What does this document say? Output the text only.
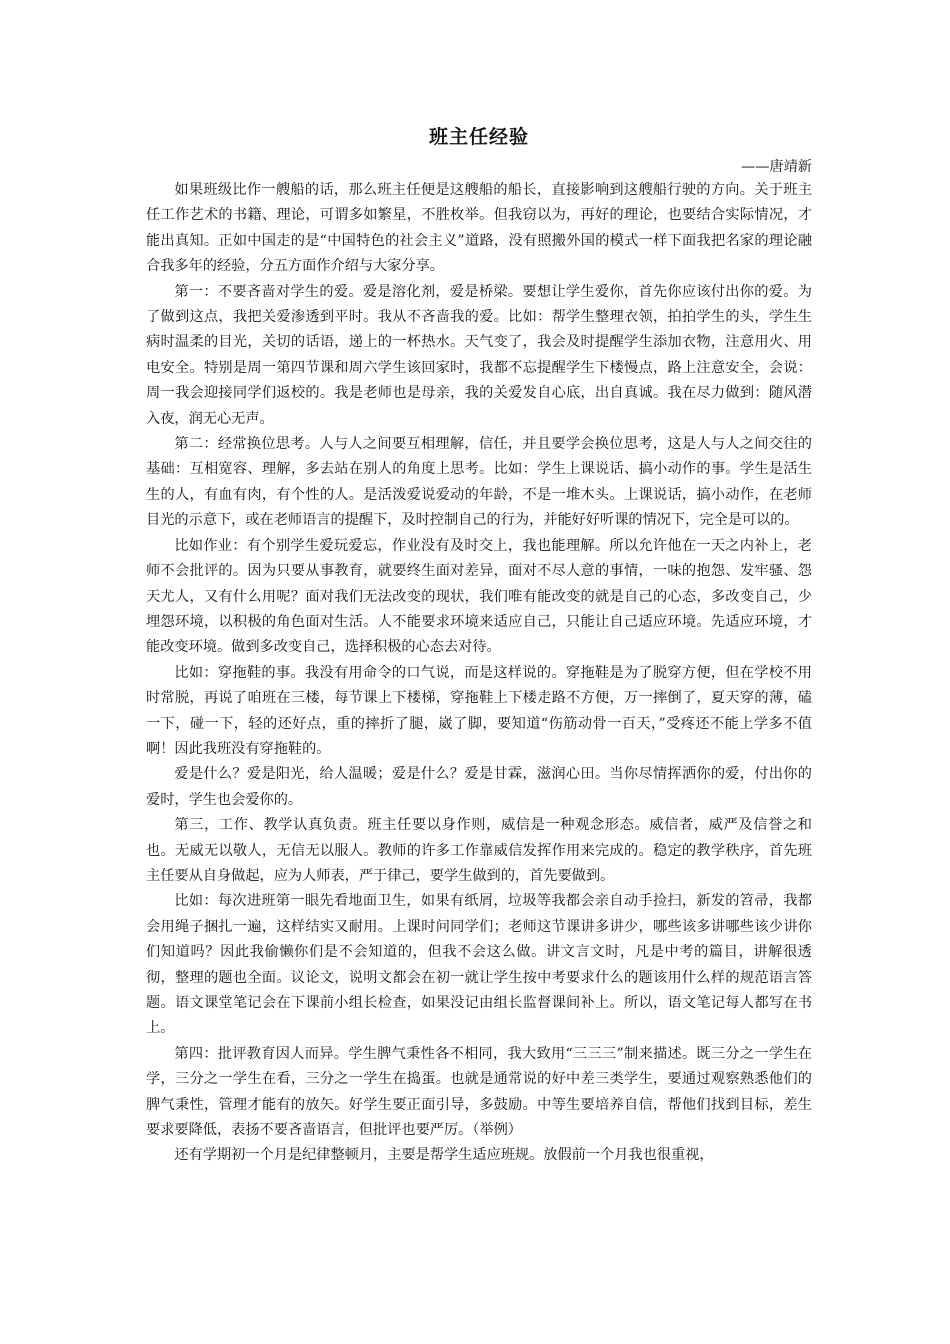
班主任经验

——唐靖新

如果班级比作一艘船的话，那么班主任便是这艘船的船长，直接影响到这艘船行驶的方向。关于班主任工作艺术的书籍、理论，可谓多如繁星，不胜枚举。但我窃以为，再好的理论，也要结合实际情况，才能出真知。正如中国走的是“中国特色的社会主义”道路，没有照搬外国的模式一样下面我把名家的理论融合我多年的经验，分五方面作介绍与大家分享。

第一：不要吝啬对学生的爱。爱是溶化剂，爱是桥梁。要想让学生爱你，首先你应该付出你的爱。为了做到这点，我把关爱渗透到平时。我从不吝啬我的爱。比如：帮学生整理衣领，拍拍学生的头，学生生病时温柔的目光，关切的话语，递上的一杯热水。天气变了，我会及时提醒学生添加衣物，注意用火、用电安全。特别是周一第四节课和周六学生该回家时，我都不忘提醒学生下楼慢点，路上注意安全，会说：周一我会迎接同学们返校的。我是老师也是母亲，我的关爱发自心底，出自真诚。我在尽力做到：随风潜入夜，润无心无声。

第二：经常换位思考。人与人之间要互相理解，信任，并且要学会换位思考，这是人与人之间交往的基础：互相宽容、理解，多去站在别人的角度上思考。比如：学生上课说话、搞小动作的事。学生是活生生的人，有血有肉，有个性的人。是活泼爱说爱动的年龄，不是一堆木头。上课说话，搞小动作，在老师目光的示意下，或在老师语言的提醒下，及时控制自己的行为，并能好好听课的情况下，完全是可以的。

比如作业：有个别学生爱玩爱忘，作业没有及时交上，我也能理解。所以允许他在一天之内补上，老师不会批评的。因为只要从事教育，就要终生面对差异，面对不尽人意的事情，一味的抱怨、发牢骚、怨天尤人，又有什么用呢？面对我们无法改变的现状，我们唯有能改变的就是自己的心态，多改变自己，少埋怨环境，以积极的角色面对生活。人不能要求环境来适应自己，只能让自己适应环境。先适应环境，才能改变环境。做到多改变自己，选择积极的心态去对待。

比如：穿拖鞋的事。我没有用命令的口气说，而是这样说的。穿拖鞋是为了脱穿方便，但在学校不用时常脱，再说了咱班在三楼，每节课上下楼梯，穿拖鞋上下楼走路不方便，万一摔倒了，夏天穿的薄，磕一下，碰一下，轻的还好点，重的摔折了腿，崴了脚，要知道“伤筋动骨一百天，”受疼还不能上学多不值啊！因此我班没有穿拖鞋的。

爱是什么？爱是阳光，给人温暖；爱是什么？爱是甘霖，滋润心田。当你尽情挥洒你的爱，付出你的爱时，学生也会爱你的。

第三，工作、教学认真负责。班主任要以身作则，威信是一种观念形态。威信者，威严及信誉之和也。无威无以敬人，无信无以服人。教师的许多工作靠威信发挥作用来完成的。稳定的教学秩序，首先班主任要从自身做起，应为人师表，严于律己，要学生做到的，首先要做到。

比如：每次进班第一眼先看地面卫生，如果有纸屑，垃圾等我都会亲自动手捡扫，新发的笤帚，我都会用绳子捆扎一遍，这样结实又耐用。上课时问同学们；老师这节课讲多讲少，哪些该多讲哪些该少讲你们知道吗？因此我偷懒你们是不会知道的，但我不会这么做。讲文言文时，凡是中考的篇目，讲解很透彻，整理的题也全面。议论文，说明文都会在初一就让学生按中考要求什么的题该用什么样的规范语言答题。语文课堂笔记会在下课前小组长检查，如果没记由组长监督课间补上。所以，语文笔记每人都写在书上。

第四：批评教育因人而异。学生脾气秉性各不相同，我大致用“三三三”制来描述。既三分之一学生在学，三分之一学生在看，三分之一学生在捣蛋。也就是通常说的好中差三类学生，要通过观察熟悉他们的脾气秉性，管理才能有的放矢。好学生要正面引导，多鼓励。中等生要培养自信，帮他们找到目标，差生要求要降低，表扬不要吝啬语言，但批评也要严厉。（举例）

还有学期初一个月是纪律整顿月，主要是帮学生适应班规。放假前一个月我也很重视，
